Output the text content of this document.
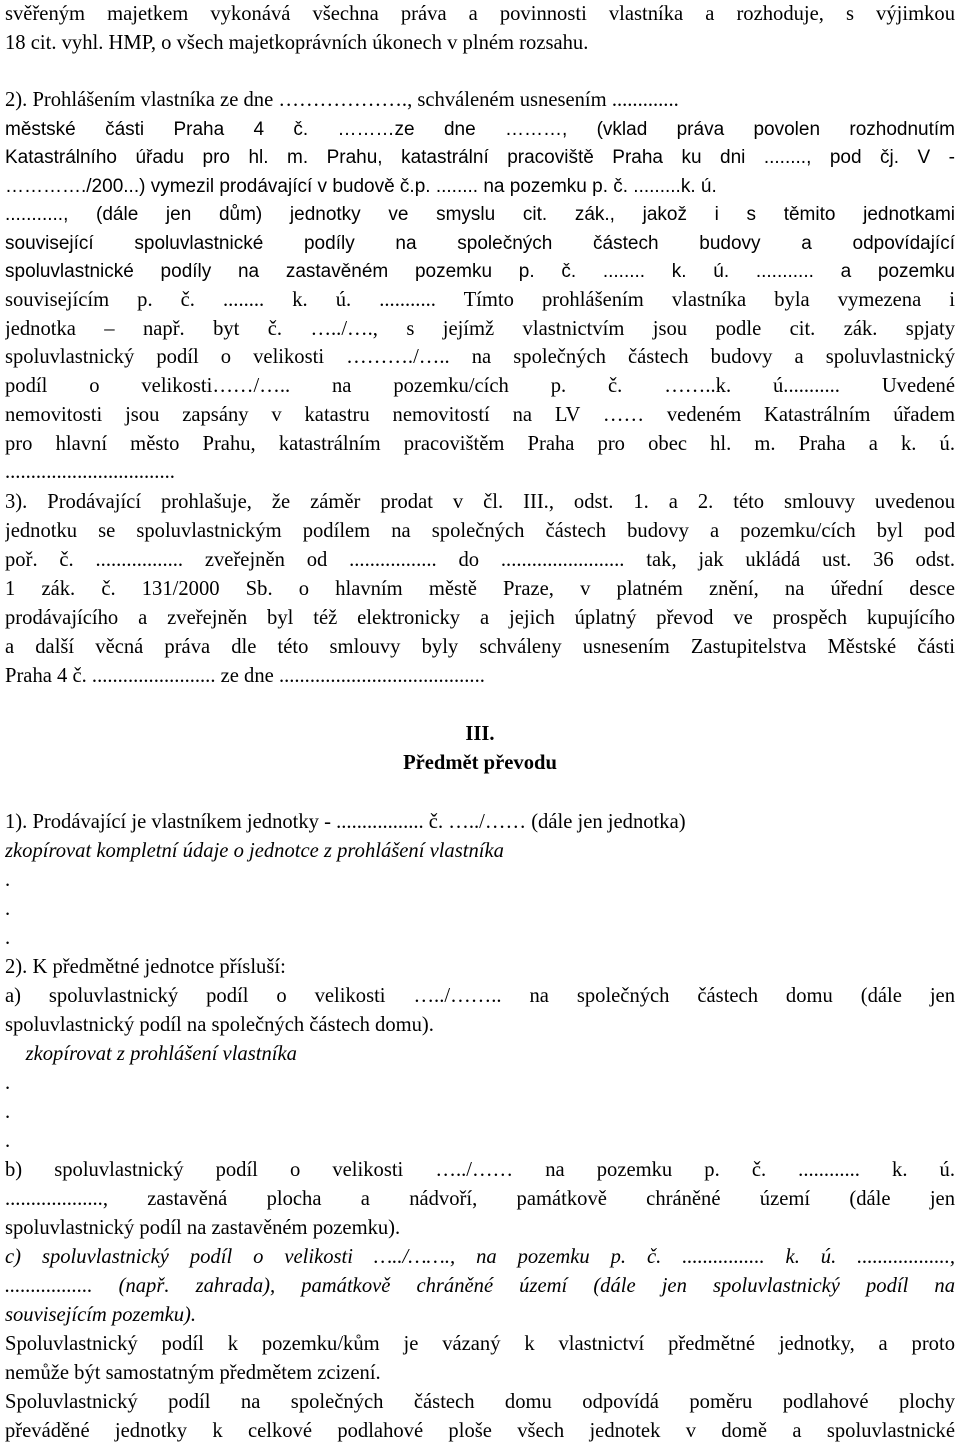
svěřeným majetkem vykonává všechna práva a povinnosti vlastníka a rozhoduje, s výjimkou
18 cit. vyhl. HMP, o všech majetkoprávních úkonech v plném rozsahu.
2). Prohlášením vlastníka ze dne ………………., schváleném usnesením .............
městské části Praha 4 č. ………ze dne ………, (vklad práva povolen rozhodnutím
Katastrálního úřadu pro hl. m. Prahu, katastrální pracoviště Praha ku dni ........, pod čj. V -
…………./200...) vymezil prodávající v budově č.p. ........ na pozemku p. č. .........k. ú.
..........., (dále jen dům) jednotky ve smyslu cit. zák., jakož i s těmito jednotkami
související spoluvlastnické podíly na společných částech budovy a odpovídající
spoluvlastnické podíly na zastavěném pozemku p. č. ........ k. ú. ........... a pozemku
souvisejícím p. č. ........ k. ú. ........... Tímto prohlášením vlastníka byla vymezena i
jednotka – např. byt č. …../…., s jejímž vlastnictvím jsou podle cit. zák. spjaty
spoluvlastnický podíl o velikosti ………./….. na společných částech budovy a spoluvlastnický
podíl o velikosti……/….. na pozemku/cích p. č. ……..k. ú........... Uvedené
nemovitosti jsou zapsány v katastru nemovitostí na LV …… vedeném Katastrálním úřadem
pro hlavní město Prahu, katastrálním pracovištěm Praha pro obec hl. m. Praha a k. ú.
.................................
3). Prodávající prohlašuje, že záměr prodat v čl. III., odst. 1. a 2. této smlouvy uvedenou
jednotku se spoluvlastnickým podílem na společných částech budovy a pozemku/cích byl pod
poř. č. ................. zveřejněn od ................. do ........................ tak, jak ukládá ust. 36 odst.
1 zák. č. 131/2000 Sb. o hlavním městě Praze, v platném znění, na úřední desce
prodávajícího a zveřejněn byl též elektronicky a jejich úplatný převod ve prospěch kupujícího
a další věcná práva dle této smlouvy byly schváleny usnesením Zastupitelstva Městské části
Praha 4 č. ........................ ze dne ........................................
III.
Předmět převodu
1). Prodávající je vlastníkem jednotky - ................. č. …../…… (dále jen jednotka)
zkopírovat kompletní údaje o jednotce z prohlášení vlastníka
.
.
.
2). K předmětné jednotce přísluší:
a) spoluvlastnický podíl o velikosti …../…….. na společných částech domu (dále jen
spoluvlastnický podíl na společných částech domu).
zkopírovat z prohlášení vlastníka
.
.
.
b) spoluvlastnický podíl o velikosti …../…… na pozemku p. č. ............ k. ú.
..................., zastavěná plocha a nádvoří, památkově chráněné území (dále jen
spoluvlastnický podíl na zastavěném pozemku).
c) spoluvlastnický podíl o velikosti …../……., na pozemku p. č. ................ k. ú. ..................,
................. (např. zahrada), památkově chráněné území (dále jen spoluvlastnický podíl na
souvisejícím pozemku).
Spoluvlastnický podíl k pozemku/kům je vázaný k vlastnictví předmětné jednotky, a proto
nemůže být samostatným předmětem zcizení.
Spoluvlastnický podíl na společných částech domu odpovídá poměru podlahové plochy
převáděné jednotky k celkové podlahové ploše všech jednotek v domě a spoluvlastnické
